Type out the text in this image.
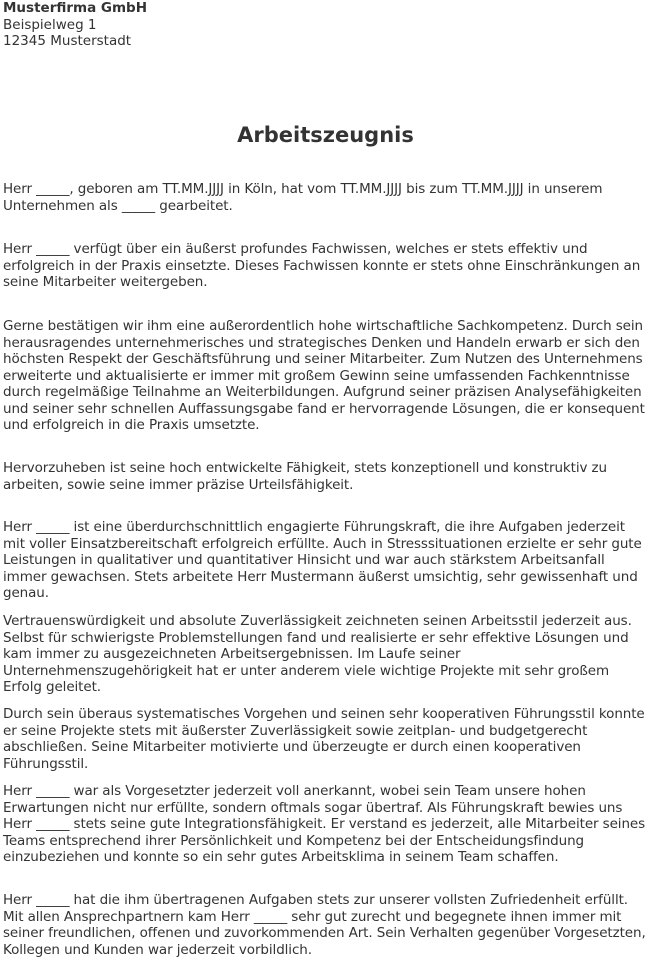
Musterfirma GmbH
Beispielweg 1
12345 Musterstadt
Arbeitszeugnis

Herr _____, geboren am TT.MM.JJJJ in Köln, hat vom TT.MM.JJJJ bis zum TT.MM.JJJJ in unserem Unternehmen als _____ gearbeitet.

Herr _____ verfügt über ein äußerst profundes Fachwissen, welches er stets effektiv und erfolgreich in der Praxis einsetzte. Dieses Fachwissen konnte er stets ohne Einschränkungen an seine Mitarbeiter weitergeben.

Gerne bestätigen wir ihm eine außerordentlich hohe wirtschaftliche Sachkompetenz. Durch sein herausragendes unternehmerisches und strategisches Denken und Handeln erwarb er sich den höchsten Respekt der Geschäftsführung und seiner Mitarbeiter. Zum Nutzen des Unternehmens erweiterte und aktualisierte er immer mit großem Gewinn seine umfassenden Fachkenntnisse durch regelmäßige Teilnahme an Weiterbildungen. Aufgrund seiner präzisen Analysefähigkeiten und seiner sehr schnellen Auffassungsgabe fand er hervorragende Lösungen, die er konsequent und erfolgreich in die Praxis umsetzte.

Hervorzuheben ist seine hoch entwickelte Fähigkeit, stets konzeptionell und konstruktiv zu arbeiten, sowie seine immer präzise Urteilsfähigkeit.

Herr _____ ist eine überdurchschnittlich engagierte Führungskraft, die ihre Aufgaben jederzeit mit voller Einsatzbereitschaft erfolgreich erfüllte. Auch in Stresssituationen erzielte er sehr gute Leistungen in qualitativer und quantitativer Hinsicht und war auch stärkstem Arbeitsanfall immer gewachsen. Stets arbeitete Herr Mustermann äußerst umsichtig, sehr gewissenhaft und genau.

Vertrauenswürdigkeit und absolute Zuverlässigkeit zeichneten seinen Arbeitsstil jederzeit aus. Selbst für schwierigste Problemstellungen fand und realisierte er sehr effektive Lösungen und kam immer zu ausgezeichneten Arbeitsergebnissen. Im Laufe seiner Unternehmenszugehörigkeit hat er unter anderem viele wichtige Projekte mit sehr großem Erfolg geleitet.

Durch sein überaus systematisches Vorgehen und seinen sehr kooperativen Führungsstil konnte er seine Projekte stets mit äußerster Zuverlässigkeit sowie zeitplan- und budgetgerecht abschließen. Seine Mitarbeiter motivierte und überzeugte er durch einen kooperativen Führungsstil.

Herr _____ war als Vorgesetzter jederzeit voll anerkannt, wobei sein Team unsere hohen Erwartungen nicht nur erfüllte, sondern oftmals sogar übertraf. Als Führungskraft bewies uns Herr _____ stets seine gute Integrationsfähigkeit. Er verstand es jederzeit, alle Mitarbeiter seines Teams entsprechend ihrer Persönlichkeit und Kompetenz bei der Entscheidungsfindung einzubeziehen und konnte so ein sehr gutes Arbeitsklima in seinem Team schaffen.

Herr _____ hat die ihm übertragenen Aufgaben stets zur unserer vollsten Zufriedenheit erfüllt. Mit allen Ansprechpartnern kam Herr _____ sehr gut zurecht und begegnete ihnen immer mit seiner freundlichen, offenen und zuvorkommenden Art. Sein Verhalten gegenüber Vorgesetzten, Kollegen und Kunden war jederzeit vorbildlich.
